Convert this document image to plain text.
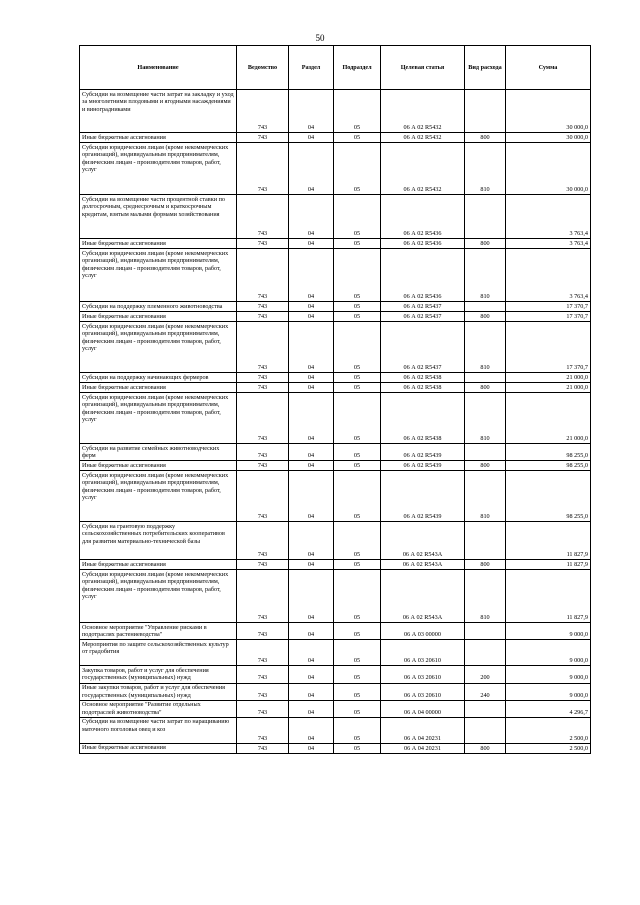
50
Наименование	Ведомство	Раздел	Подраздел	Целевая статья	Вид расхода	Сумма
Субсидии на возмещение части затрат на закладку и уход за многолетними плодовыми и ягодными насаждениями и виноградниками	743	04	05	06 А 02 R5432		30 000,0
Иные бюджетные ассигнования	743	04	05	06 А 02 R5432	800	30 000,0
Субсидии юридическим лицам (кроме некоммерческих организаций), индивидуальным предпринимателям, физическим лицам - производителям товаров, работ, услуг	743	04	05	06 А 02 R5432	810	30 000,0
Субсидии на возмещение части процентной ставки по долгосрочным, среднесрочным и краткосрочным кредитам, взятым малыми формами хозяйствования	743	04	05	06 А 02 R5436		3 763,4
Иные бюджетные ассигнования	743	04	05	06 А 02 R5436	800	3 763,4
Субсидии юридическим лицам (кроме некоммерческих организаций), индивидуальным предпринимателям, физическим лицам - производителям товаров, работ, услуг	743	04	05	06 А 02 R5436	810	3 763,4
Субсидии на поддержку племенного животноводства	743	04	05	06 А 02 R5437		17 370,7
Иные бюджетные ассигнования	743	04	05	06 А 02 R5437	800	17 370,7
Субсидии юридическим лицам (кроме некоммерческих организаций), индивидуальным предпринимателям, физическим лицам - производителям товаров, работ, услуг	743	04	05	06 А 02 R5437	810	17 370,7
Субсидии на поддержку начинающих фермеров	743	04	05	06 А 02 R5438		21 000,0
Иные бюджетные ассигнования	743	04	05	06 А 02 R5438	800	21 000,0
Субсидии юридическим лицам (кроме некоммерческих организаций), индивидуальным предпринимателям, физическим лицам - производителям товаров, работ, услуг	743	04	05	06 А 02 R5438	810	21 000,0
Субсидии на развитие семейных животноводческих ферм	743	04	05	06 А 02 R5439		98 255,0
Иные бюджетные ассигнования	743	04	05	06 А 02 R5439	800	98 255,0
Субсидии юридическим лицам (кроме некоммерческих организаций), индивидуальным предпринимателям, физическим лицам - производителям товаров, работ, услуг	743	04	05	06 А 02 R5439	810	98 255,0
Субсидии на грантовую поддержку сельскохозяйственных потребительских кооперативов для развития материально-технической базы	743	04	05	06 А 02 R543А		11 827,9
Иные бюджетные ассигнования	743	04	05	06 А 02 R543А	800	11 827,9
Субсидии юридическим лицам (кроме некоммерческих организаций), индивидуальным предпринимателям, физическим лицам - производителям товаров, работ, услуг	743	04	05	06 А 02 R543А	810	11 827,9
Основное мероприятие "Управление рисками в подотраслях растениеводства"	743	04	05	06 А 03 00000		9 000,0
Мероприятия по защите сельскохозяйственных культур от градобития	743	04	05	06 А 03 20610		9 000,0
Закупка товаров, работ и услуг для обеспечения государственных (муниципальных) нужд	743	04	05	06 А 03 20610	200	9 000,0
Иные закупки товаров, работ и услуг для обеспечения государственных (муниципальных) нужд	743	04	05	06 А 03 20610	240	9 000,0
Основное мероприятие "Развитие отдельных подотраслей животноводства"	743	04	05	06 А 04 00000		4 296,7
Субсидии на возмещение части затрат по наращиванию маточного поголовья овец и коз	743	04	05	06 А 04 20231		2 500,0
Иные бюджетные ассигнования	743	04	05	06 А 04 20231	800	2 500,0
